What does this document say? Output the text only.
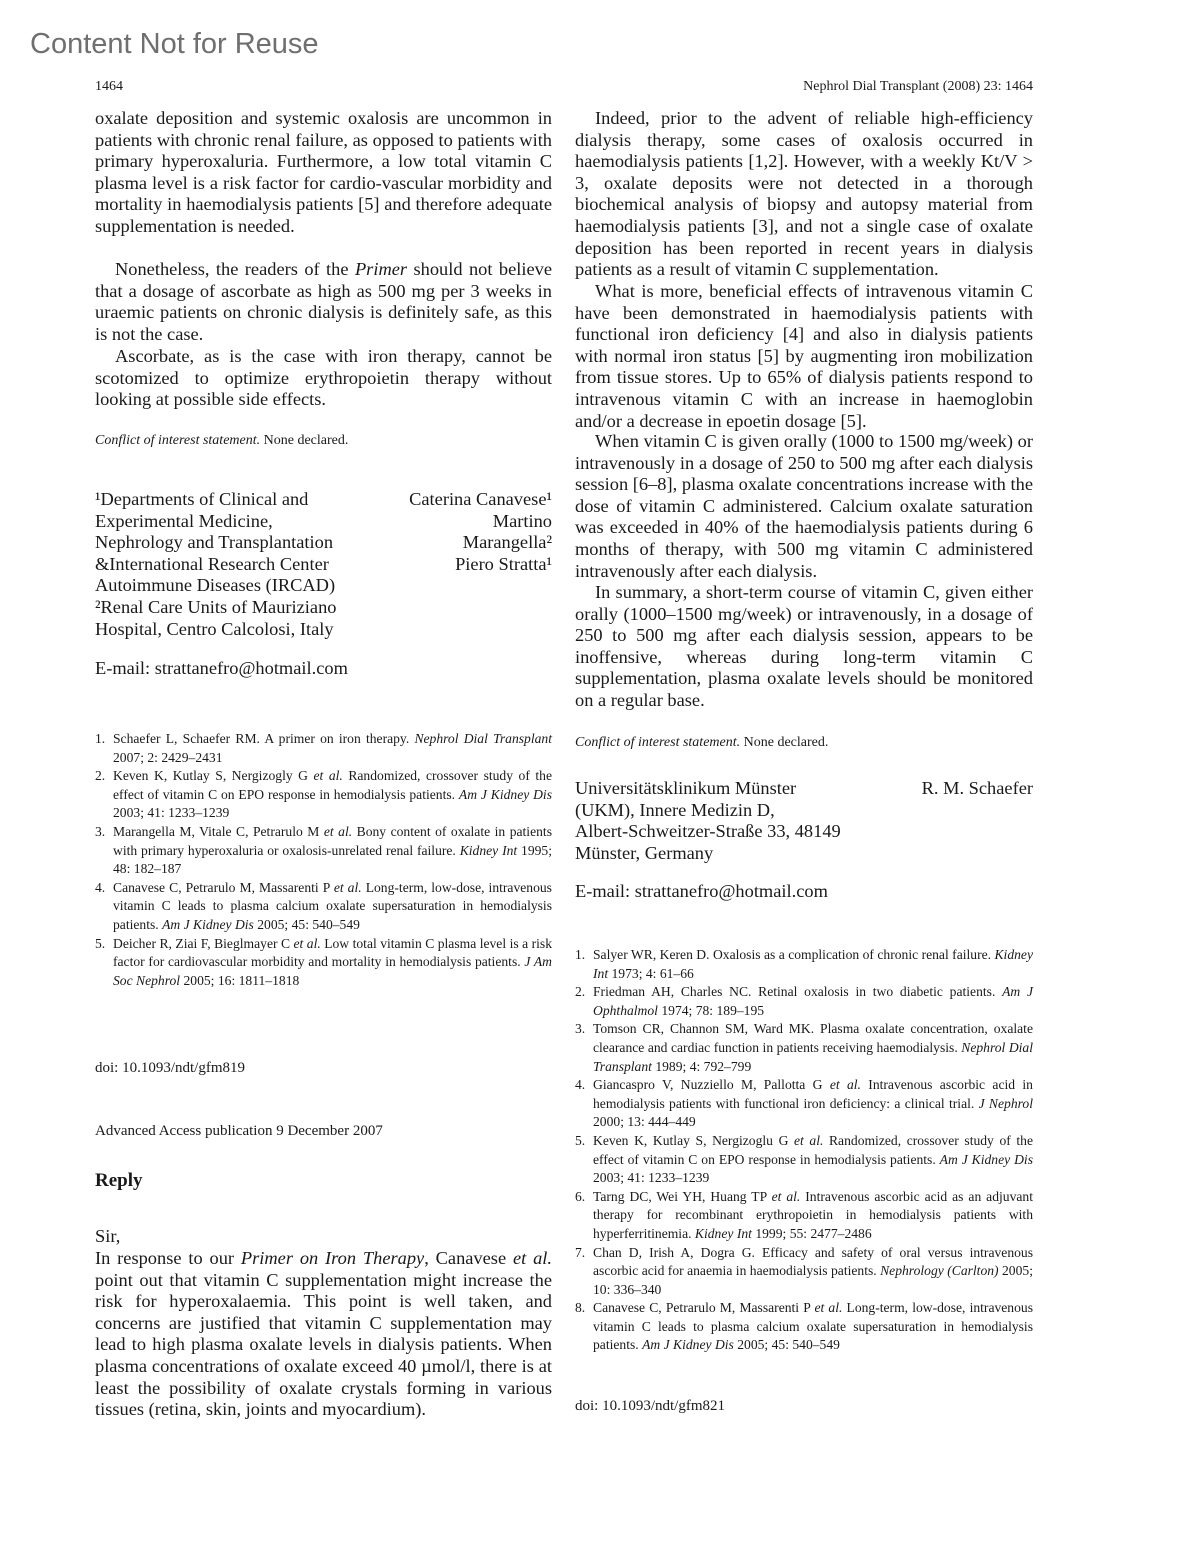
Content Not for Reuse
1464	Nephrol Dial Transplant (2008) 23: 1464

oxalate deposition and systemic oxalosis are uncommon in patients with chronic renal failure, as opposed to patients with primary hyperoxaluria. Furthermore, a low total vitamin C plasma level is a risk factor for cardio-vascular morbidity and mortality in haemodialysis patients [5] and therefore adequate supplementation is needed.

Nonetheless, the readers of the Primer should not believe that a dosage of ascorbate as high as 500 mg per 3 weeks in uraemic patients on chronic dialysis is definitely safe, as this is not the case.

Ascorbate, as is the case with iron therapy, cannot be scotomized to optimize erythropoietin therapy without looking at possible side effects.

Conflict of interest statement. None declared.

¹Departments of Clinical and
Experimental Medicine,
Nephrology and Transplantation
&International Research Center
Autoimmune Diseases (IRCAD)
²Renal Care Units of Mauriziano
Hospital, Centro Calcolosi, Italy
Caterina Canavese¹
Martino
Marangella²
Piero Stratta¹
E-mail: strattanefro@hotmail.com
1. Schaefer L, Schaefer RM. A primer on iron therapy. Nephrol Dial Transplant 2007; 2: 2429–2431
2. Keven K, Kutlay S, Nergizogly G et al. Randomized, crossover study of the effect of vitamin C on EPO response in hemodialysis patients. Am J Kidney Dis 2003; 41: 1233–1239
3. Marangella M, Vitale C, Petrarulo M et al. Bony content of oxalate in patients with primary hyperoxaluria or oxalosis-unrelated renal failure. Kidney Int 1995; 48: 182–187
4. Canavese C, Petrarulo M, Massarenti P et al. Long-term, low-dose, intravenous vitamin C leads to plasma calcium oxalate supersaturation in hemodialysis patients. Am J Kidney Dis 2005; 45: 540–549
5. Deicher R, Ziai F, Bieglmayer C et al. Low total vitamin C plasma level is a risk factor for cardiovascular morbidity and mortality in hemodialysis patients. J Am Soc Nephrol 2005; 16: 1811–1818

doi: 10.1093/ndt/gfm819

Advanced Access publication 9 December 2007

Reply

Sir,

In response to our Primer on Iron Therapy, Canavese et al. point out that vitamin C supplementation might increase the risk for hyperoxalaemia. This point is well taken, and concerns are justified that vitamin C supplementation may lead to high plasma oxalate levels in dialysis patients. When plasma concentrations of oxalate exceed 40 µmol/l, there is at least the possibility of oxalate crystals forming in various tissues (retina, skin, joints and myocardium).

Indeed, prior to the advent of reliable high-efficiency dialysis therapy, some cases of oxalosis occurred in haemodialysis patients [1,2]. However, with a weekly Kt/V > 3, oxalate deposits were not detected in a thorough biochemical analysis of biopsy and autopsy material from haemodialysis patients [3], and not a single case of oxalate deposition has been reported in recent years in dialysis patients as a result of vitamin C supplementation.

What is more, beneficial effects of intravenous vitamin C have been demonstrated in haemodialysis patients with functional iron deficiency [4] and also in dialysis patients with normal iron status [5] by augmenting iron mobilization from tissue stores. Up to 65% of dialysis patients respond to intravenous vitamin C with an increase in haemoglobin and/or a decrease in epoetin dosage [5].

When vitamin C is given orally (1000 to 1500 mg/week) or intravenously in a dosage of 250 to 500 mg after each dialysis session [6–8], plasma oxalate concentrations increase with the dose of vitamin C administered. Calcium oxalate saturation was exceeded in 40% of the haemodialysis patients during 6 months of therapy, with 500 mg vitamin C administered intravenously after each dialysis.

In summary, a short-term course of vitamin C, given either orally (1000–1500 mg/week) or intravenously, in a dosage of 250 to 500 mg after each dialysis session, appears to be inoffensive, whereas during long-term vitamin C supplementation, plasma oxalate levels should be monitored on a regular base.

Conflict of interest statement. None declared.

Universitätsklinikum Münster
(UKM), Innere Medizin D,
Albert-Schweitzer-Straße 33, 48149
Münster, Germany
R. M. Schaefer
E-mail: strattanefro@hotmail.com
1. Salyer WR, Keren D. Oxalosis as a complication of chronic renal failure. Kidney Int 1973; 4: 61–66
2. Friedman AH, Charles NC. Retinal oxalosis in two diabetic patients. Am J Ophthalmol 1974; 78: 189–195
3. Tomson CR, Channon SM, Ward MK. Plasma oxalate concentration, oxalate clearance and cardiac function in patients receiving haemodialysis. Nephrol Dial Transplant 1989; 4: 792–799
4. Giancaspro V, Nuzziello M, Pallotta G et al. Intravenous ascorbic acid in hemodialysis patients with functional iron deficiency: a clinical trial. J Nephrol 2000; 13: 444–449
5. Keven K, Kutlay S, Nergizoglu G et al. Randomized, crossover study of the effect of vitamin C on EPO response in hemodialysis patients. Am J Kidney Dis 2003; 41: 1233–1239
6. Tarng DC, Wei YH, Huang TP et al. Intravenous ascorbic acid as an adjuvant therapy for recombinant erythropoietin in hemodialysis patients with hyperferritinemia. Kidney Int 1999; 55: 2477–2486
7. Chan D, Irish A, Dogra G. Efficacy and safety of oral versus intravenous ascorbic acid for anaemia in haemodialysis patients. Nephrology (Carlton) 2005; 10: 336–340
8. Canavese C, Petrarulo M, Massarenti P et al. Long-term, low-dose, intravenous vitamin C leads to plasma calcium oxalate supersaturation in hemodialysis patients. Am J Kidney Dis 2005; 45: 540–549

doi: 10.1093/ndt/gfm821
